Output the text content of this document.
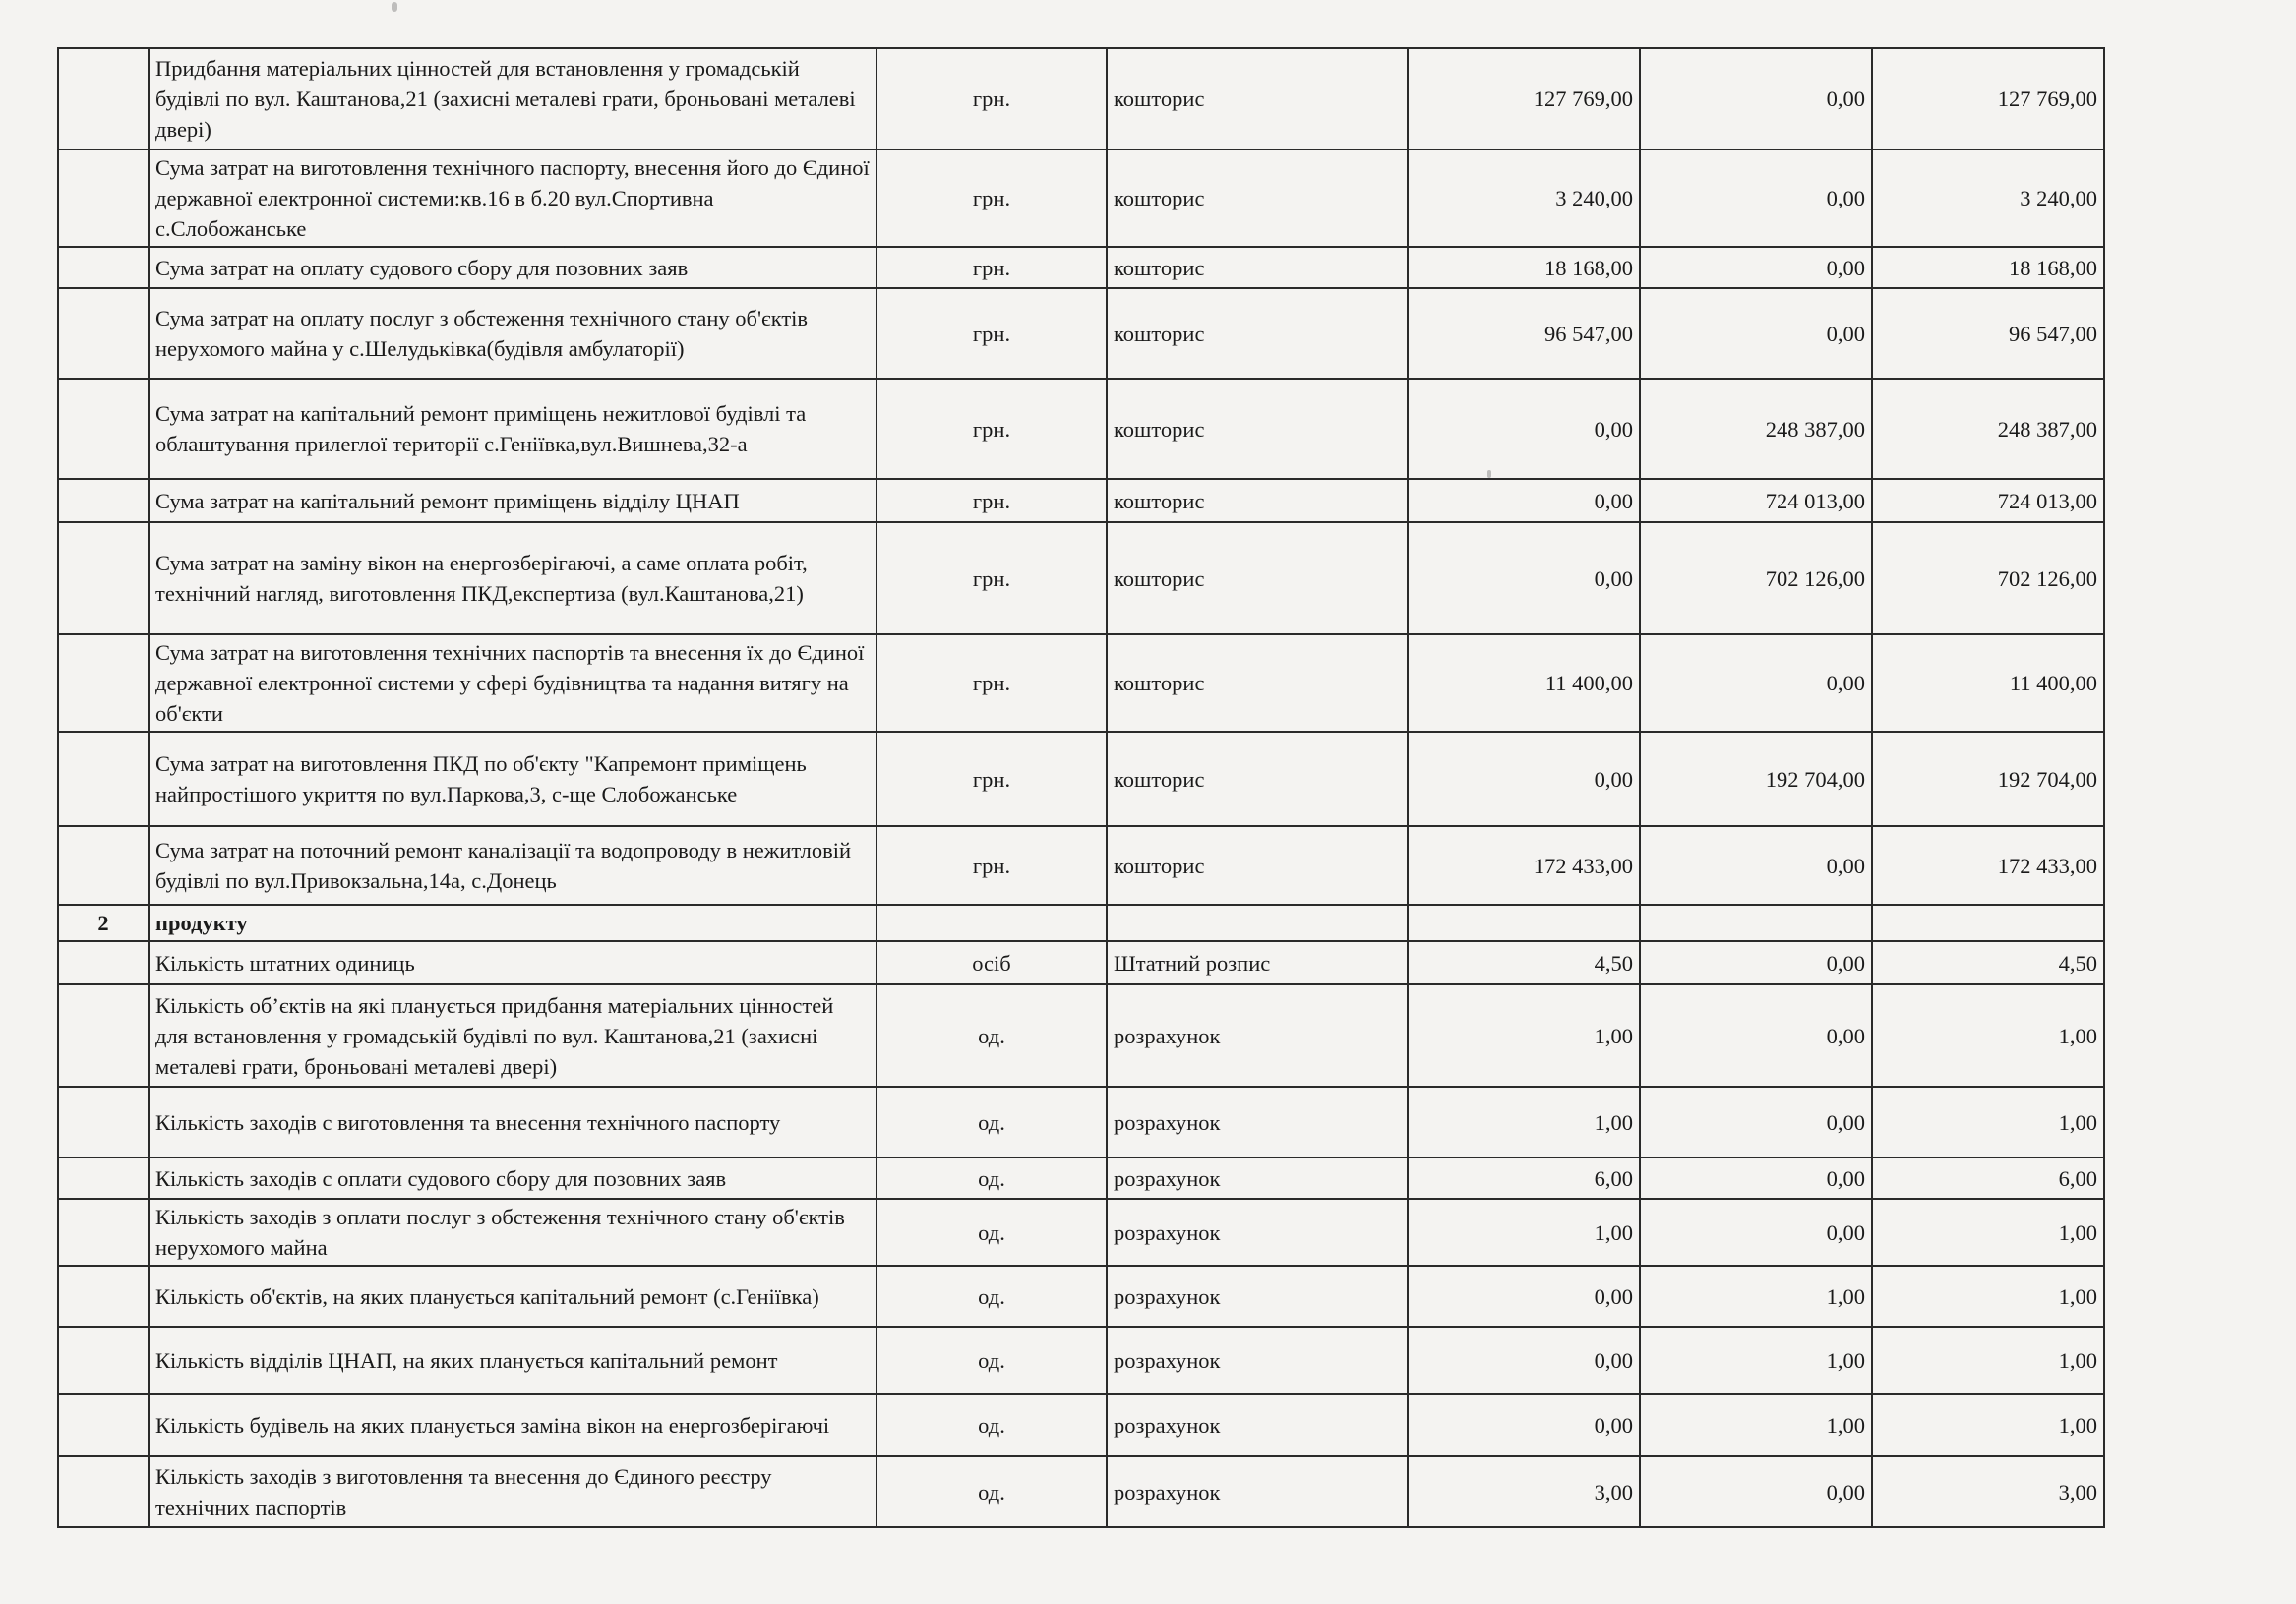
	Придбання матеріальних цінностей для встановлення у громадській будівлі по вул. Каштанова,21 (захисні металеві грати, броньовані металеві двері)	грн.	кошторис	127 769,00	0,00	127 769,00
	Сума затрат на виготовлення технічного паспорту, внесення його до Єдиної державної електронної системи:кв.16 в б.20 вул.Спортивна с.Слобожанське	грн.	кошторис	3 240,00	0,00	3 240,00
	Сума затрат на оплату судового сбору для позовних заяв	грн.	кошторис	18 168,00	0,00	18 168,00
	Сума затрат на оплату послуг з обстеження технічного стану об'єктів нерухомого майна у с.Шелудьківка(будівля амбулаторії)	грн.	кошторис	96 547,00	0,00	96 547,00
	Сума затрат на капітальний ремонт приміщень нежитлової будівлі та облаштування прилеглої території с.Геніївка,вул.Вишнева,32-а	грн.	кошторис	0,00	248 387,00	248 387,00
	Сума затрат на капітальний ремонт приміщень відділу ЦНАП	грн.	кошторис	0,00	724 013,00	724 013,00
	Сума затрат на заміну вікон на енергозберігаючі, а саме оплата робіт, технічний нагляд, виготовлення ПКД,експертиза (вул.Каштанова,21)	грн.	кошторис	0,00	702 126,00	702 126,00
	Сума затрат на виготовлення технічних паспортів та внесення їх до Єдиної державної електронної системи у сфері будівництва та надання витягу на об'єкти	грн.	кошторис	11 400,00	0,00	11 400,00
	Сума затрат на виготовлення ПКД по об'єкту "Капремонт приміщень найпростішого укриття по вул.Паркова,3, с-ще Слобожанське	грн.	кошторис	0,00	192 704,00	192 704,00
	Сума затрат на поточний ремонт каналізації та водопроводу в нежитловій будівлі по вул.Привокзальна,14а, с.Донець	грн.	кошторис	172 433,00	0,00	172 433,00
2	продукту					
	Кількість штатних одиниць	осіб	Штатний розпис	4,50	0,00	4,50
	Кількість об’єктів на які планується придбання матеріальних цінностей для встановлення у громадській будівлі по вул. Каштанова,21 (захисні металеві грати, броньовані металеві двері)	од.	розрахунок	1,00	0,00	1,00
	Кількість заходів с виготовлення та внесення технічного паспорту	од.	розрахунок	1,00	0,00	1,00
	Кількість заходів с оплати судового сбору для позовних заяв	од.	розрахунок	6,00	0,00	6,00
	Кількість заходів з оплати послуг з обстеження технічного стану об'єктів нерухомого майна	од.	розрахунок	1,00	0,00	1,00
	Кількість об'єктів, на яких планується капітальний ремонт (с.Геніївка)	од.	розрахунок	0,00	1,00	1,00
	Кількість відділів ЦНАП, на яких планується капітальний ремонт	од.	розрахунок	0,00	1,00	1,00
	Кількість будівель на яких планується заміна вікон на енергозберігаючі	од.	розрахунок	0,00	1,00	1,00
	Кількість заходів з виготовлення та внесення до Єдиного реєстру технічних паспортів	од.	розрахунок	3,00	0,00	3,00
